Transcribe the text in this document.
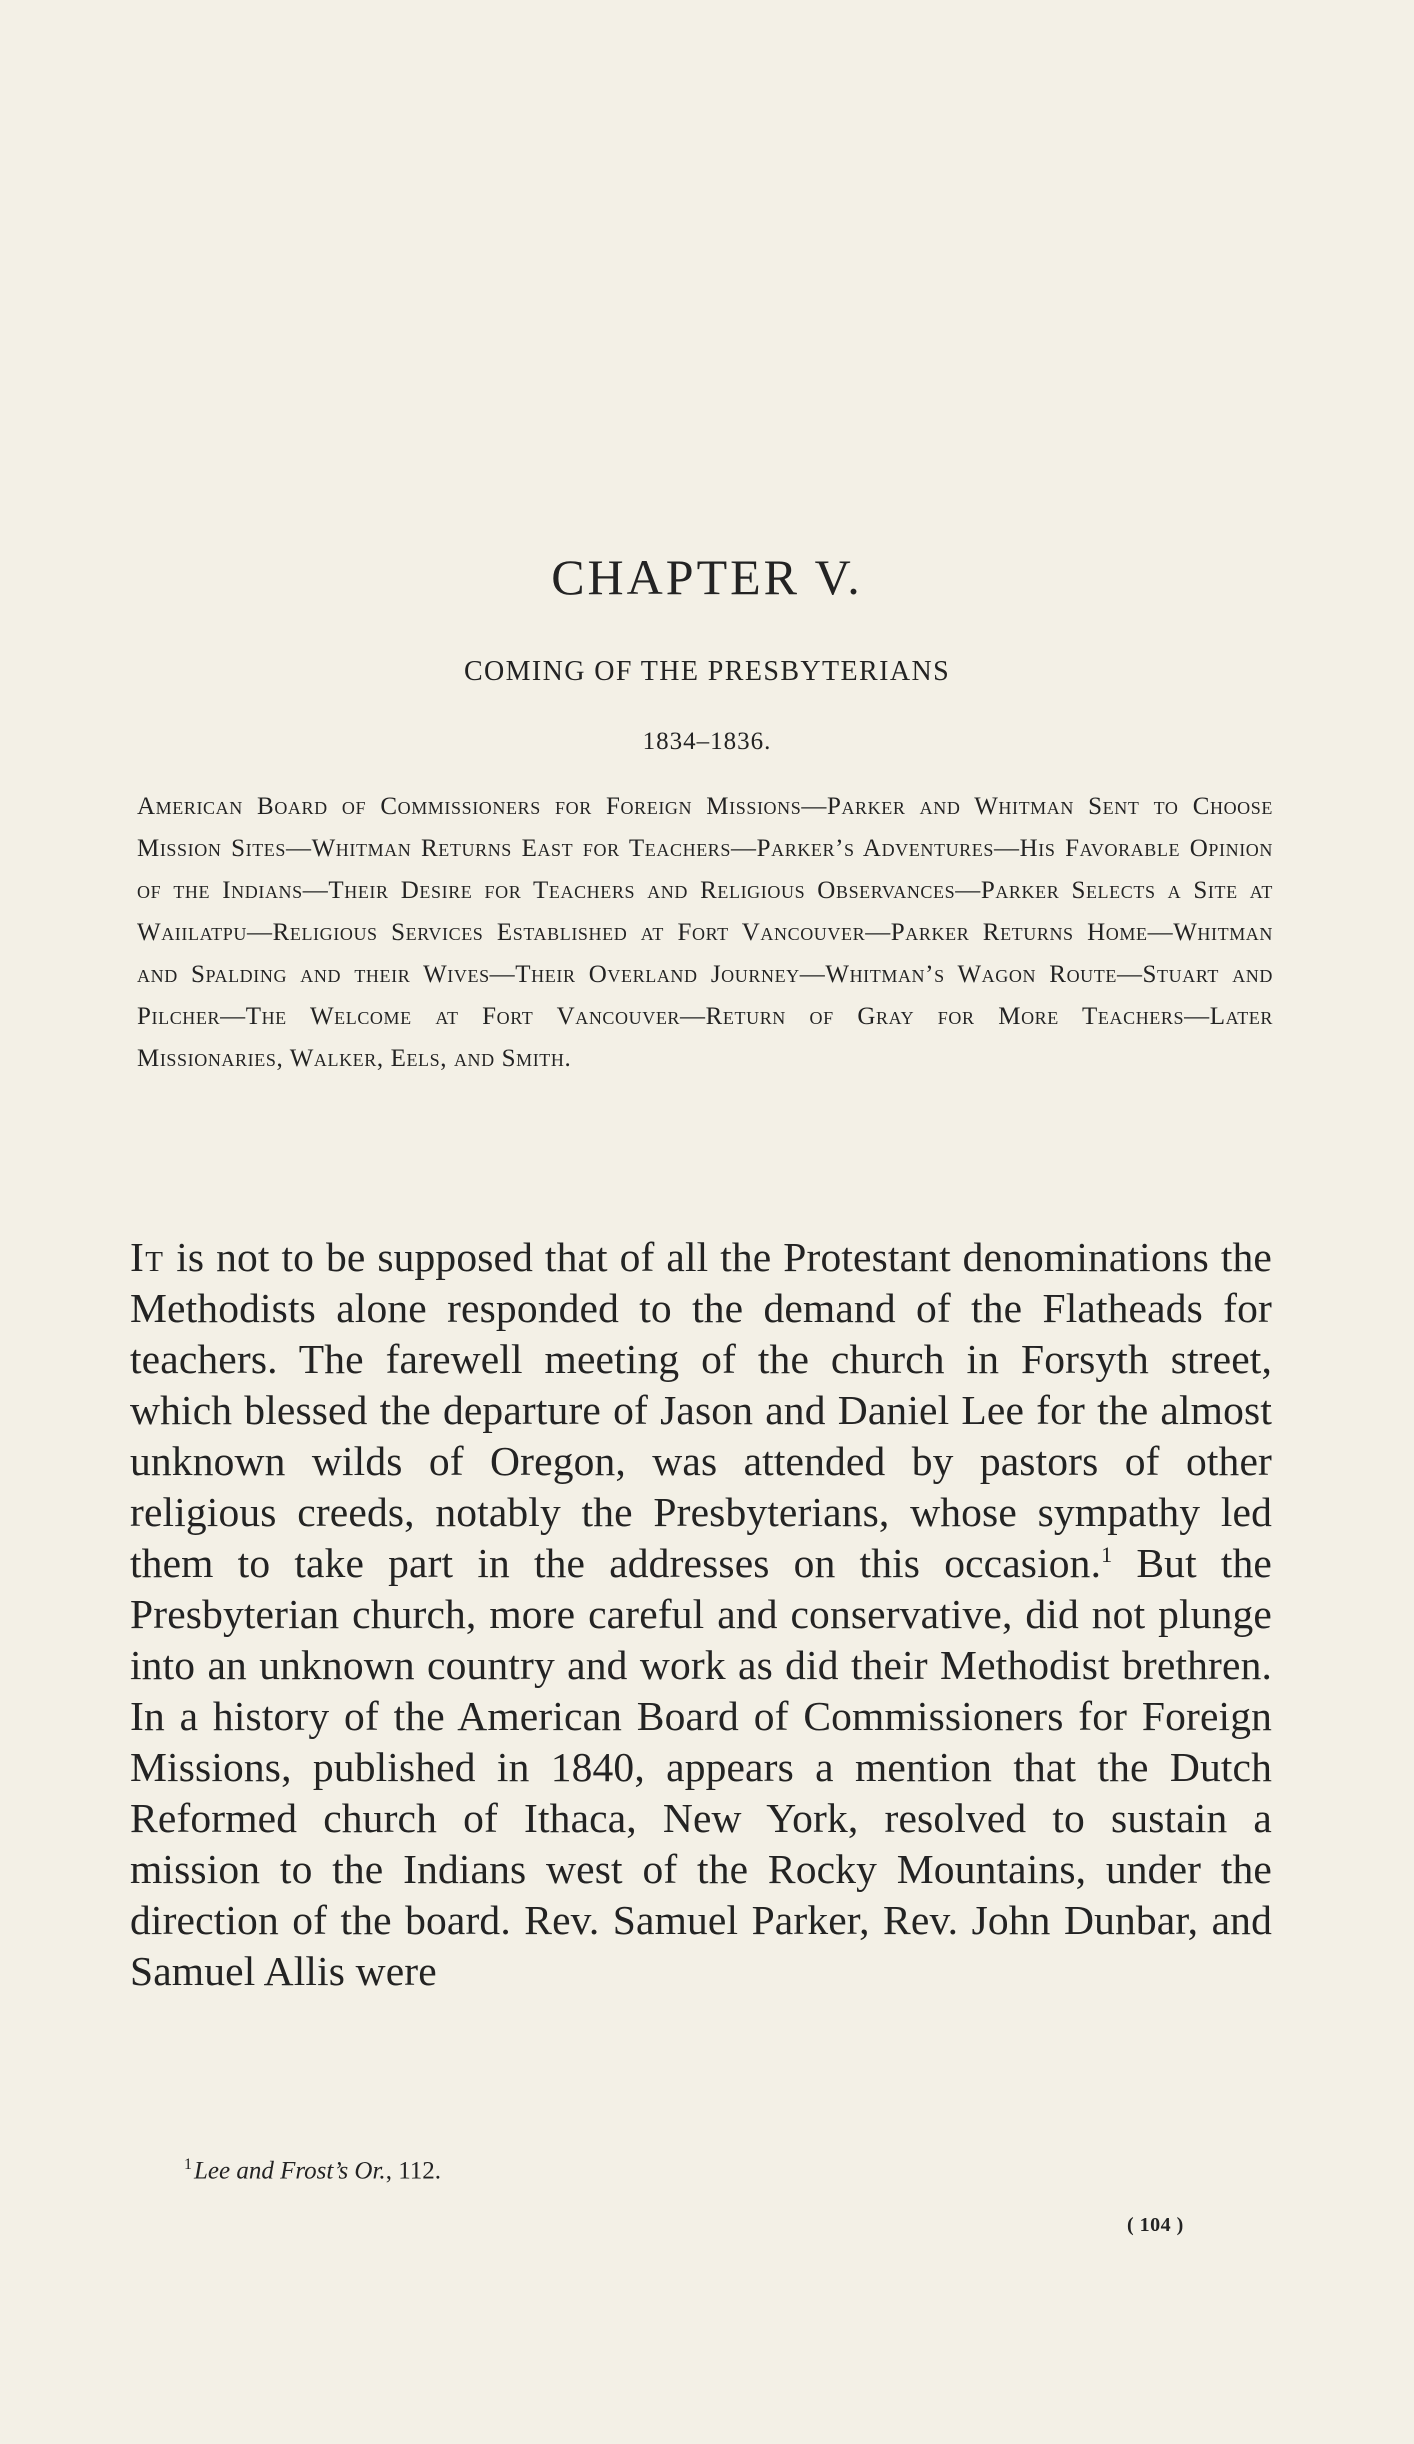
CHAPTER V.
COMING OF THE PRESBYTERIANS
1834–1836.
American Board of Commissioners for Foreign Missions—Parker and Whitman Sent to Choose Mission Sites—Whitman Returns East for Teachers—Parker’s Adventures—His Favorable Opinion of the Indians—Their Desire for Teachers and Religious Observances—Parker Selects a Site at Waiilatpu—Religious Services Established at Fort Vancouver—Parker Returns Home—Whitman and Spalding and their Wives—Their Overland Journey—Whitman’s Wagon Route—Stuart and Pilcher—The Welcome at Fort Vancouver—Return of Gray for More Teachers—Later Missionaries, Walker, Eels, and Smith.
It is not to be supposed that of all the Protestant denominations the Methodists alone responded to the demand of the Flatheads for teachers. The farewell meeting of the church in Forsyth street, which blessed the departure of Jason and Daniel Lee for the almost unknown wilds of Oregon, was attended by pastors of other religious creeds, notably the Presbyterians, whose sympathy led them to take part in the addresses on this occasion.$^1$ But the Presbyterian church, more careful and conservative, did not plunge into an unknown country and work as did their Methodist brethren. In a history of the American Board of Commissioners for Foreign Missions, published in 1840, appears a mention that the Dutch Reformed church of Ithaca, New York, resolved to sustain a mission to the Indians west of the Rocky Mountains, under the direction of the board. Rev. Samuel Parker, Rev. John Dunbar, and Samuel Allis were
$^1$Lee and Frost’s Or., 112.
( 104 )
